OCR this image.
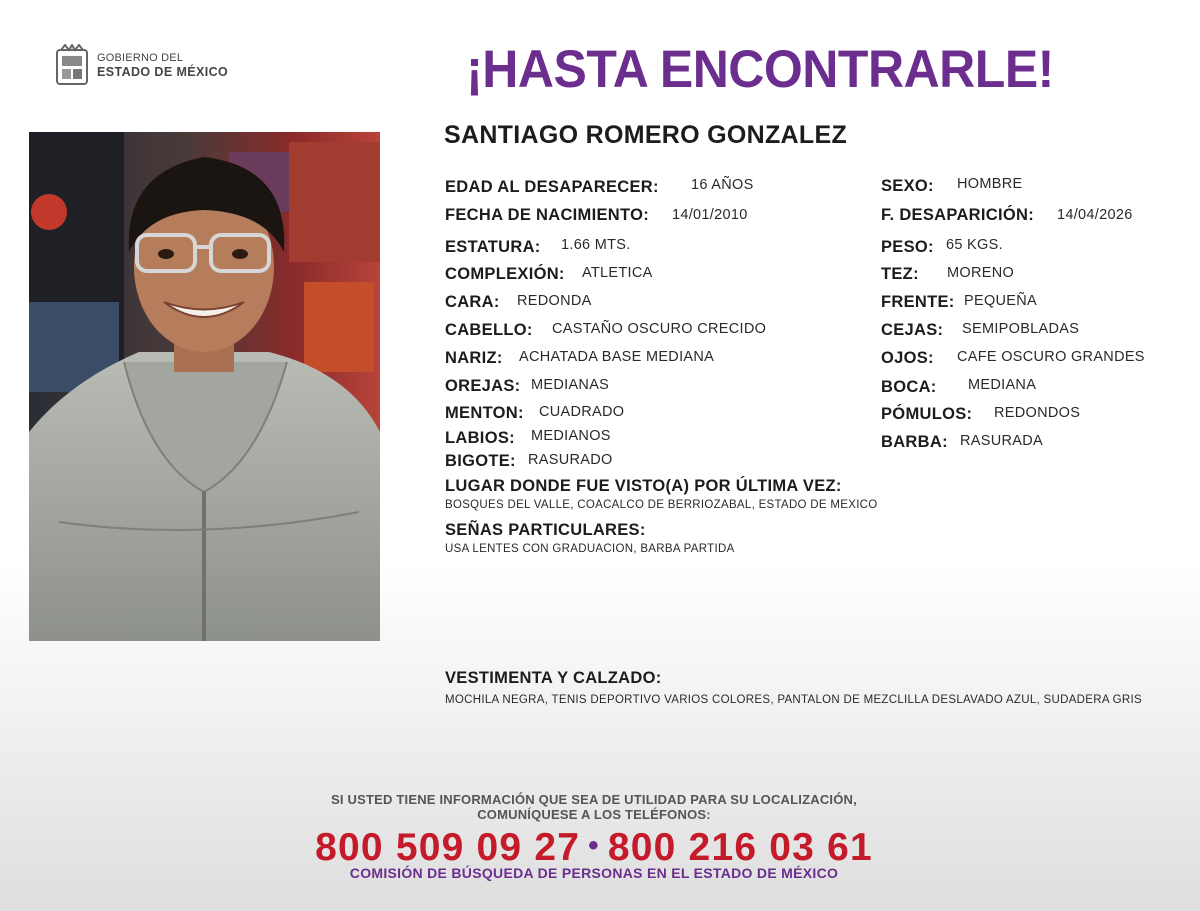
GOBIERNO DEL
ESTADO DE MÉXICO	¡HASTA ENCONTRARLE!
SANTIAGO ROMERO GONZALEZ
EDAD AL DESAPARECER: 16 AÑOS
FECHA DE NACIMIENTO: 14/01/2010
ESTATURA: 1.66 MTS.
COMPLEXIÓN: ATLETICA
CARA: REDONDA
CABELLO: CASTAÑO OSCURO CRECIDO
NARIZ: ACHATADA BASE MEDIANA
OREJAS: MEDIANAS
MENTON: CUADRADO
LABIOS: MEDIANOS
BIGOTE: RASURADO
SEXO: HOMBRE
F. DESAPARICIÓN: 14/04/2026
PESO: 65 KGS.
TEZ: MORENO
FRENTE: PEQUEÑA
CEJAS: SEMIPOBLADAS
OJOS: CAFE OSCURO GRANDES
BOCA: MEDIANA
PÓMULOS: REDONDOS
BARBA: RASURADA
LUGAR DONDE FUE VISTO(A) POR ÚLTIMA VEZ:
BOSQUES DEL VALLE, COACALCO DE BERRIOZABAL, ESTADO DE MEXICO
SEÑAS PARTICULARES:
USA LENTES CON GRADUACION, BARBA PARTIDA
VESTIMENTA Y CALZADO:
MOCHILA NEGRA, TENIS DEPORTIVO VARIOS COLORES, PANTALON DE MEZCLILLA DESLAVADO AZUL, SUDADERA GRIS
SI USTED TIENE INFORMACIÓN QUE SEA DE UTILIDAD PARA SU LOCALIZACIÓN,
COMUNÍQUESE A LOS TELÉFONOS:
800 509 09 27 • 800 216 03 61
COMISIÓN DE BÚSQUEDA DE PERSONAS EN EL ESTADO DE MÉXICO
